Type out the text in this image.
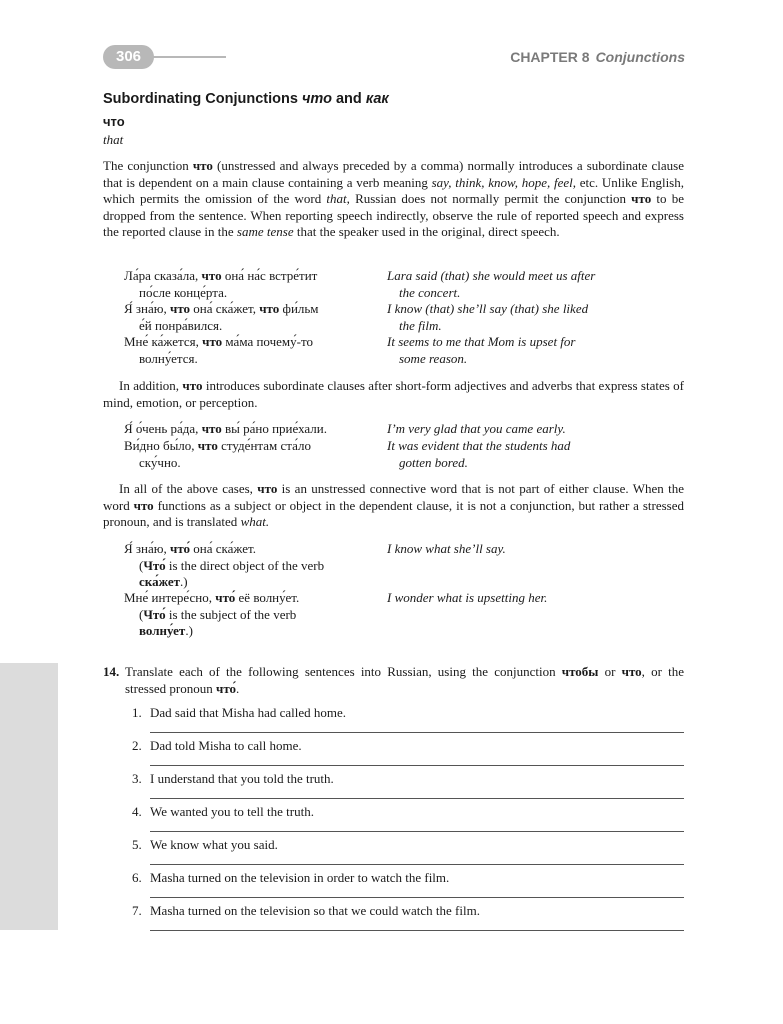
306	CHAPTER 8 Conjunctions
Subordinating Conjunctions что and как
что
that

The conjunction что (unstressed and always preceded by a comma) normally introduces a subordinate clause that is dependent on a main clause containing a verb meaning say, think, know, hope, feel, etc. Unlike English, which permits the omission of the word that, Russian does not normally permit the conjunction что to be dropped from the sentence. When reporting speech indirectly, observe the rule of reported speech and express the reported clause in the same tense that the speaker used in the original, direct speech.

Ла́ра сказа́ла, что она́ на́с встре́тит
по́сле конце́рта.
Lara said (that) she would meet us after
the concert.
Я́ зна́ю, что она́ ска́жет, что фи́льм
е́й понра́вился.
I know (that) she’ll say (that) she liked
the film.
Мне́ ка́жется, что ма́ма почему́-то
волну́ется.
It seems to me that Mom is upset for
some reason.

In addition, что introduces subordinate clauses after short-form adjectives and adverbs that express states of mind, emotion, or perception.

Я́ о́чень ра́да, что вы́ ра́но прие́хали.	I’m very glad that you came early.
Ви́дно бы́ло, что студе́нтам ста́ло
ску́чно.
It was evident that the students had
gotten bored.

In all of the above cases, что is an unstressed connective word that is not part of either clause. When the word что functions as a subject or object in the dependent clause, it is not a conjunction, but rather a stressed pronoun, and is translated what.

Я́ зна́ю, что́ она́ ска́жет.
(Что́ is the direct object of the verb
ска́жет.)
I know what she’ll say.
Мне́ интере́сно, что́ её волну́ет.
(Что́ is the subject of the verb
волну́ет.)
I wonder what is upsetting her.
14. Translate each of the following sentences into Russian, using the conjunction чтобы or что, or the stressed pronoun что́.
1. Dad said that Misha had called home.
2. Dad told Misha to call home.
3. I understand that you told the truth.
4. We wanted you to tell the truth.
5. We know what you said.
6. Masha turned on the television in order to watch the film.
7. Masha turned on the television so that we could watch the film.
